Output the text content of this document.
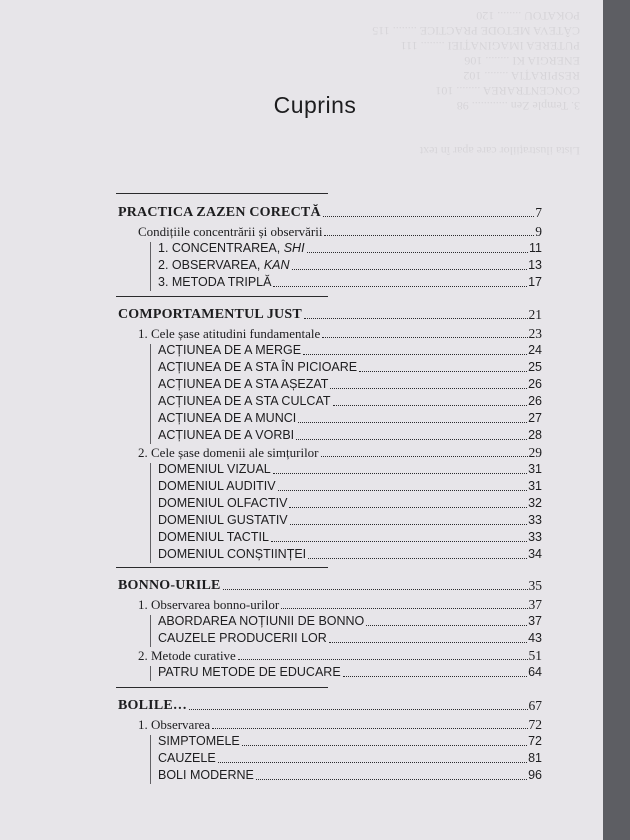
Lista ilustrațiilor care apar în text

3. Temple Zen ............ 98
CONCENTRAREA ........ 101
RESPIRAȚIA ........ 102
ENERGIA KI ........ 106
PUTEREA IMAGINAȚIEI ........ 111
CÂTEVA METODE PRACTICE ........ 115
POKATOU ........ 120
Cuprins
PRACTICA ZAZEN CORECTĂ	7
Condițiile concentrării și observării	9
1. CONCENTRAREA, SHI	11
2. OBSERVAREA, KAN	13
3. METODA TRIPLĂ	17
COMPORTAMENTUL JUST	21
1. Cele șase atitudini fundamentale	23
ACȚIUNEA DE A MERGE	24
ACȚIUNEA DE A STA ÎN PICIOARE	25
ACȚIUNEA DE A STA AȘEZAT	26
ACȚIUNEA DE A STA CULCAT	26
ACȚIUNEA DE A MUNCI	27
ACȚIUNEA DE A VORBI	28
2. Cele șase domenii ale simțurilor	29
DOMENIUL VIZUAL	31
DOMENIUL AUDITIV	31
DOMENIUL OLFACTIV	32
DOMENIUL GUSTATIV	33
DOMENIUL TACTIL	33
DOMENIUL CONȘTIINȚEI	34
BONNO-URILE	35
1. Observarea bonno-urilor	37
ABORDAREA NOȚIUNII DE BONNO	37
CAUZELE PRODUCERII LOR	43
2. Metode curative	51
PATRU METODE DE EDUCARE	64
BOLILE…	67
1. Observarea	72
SIMPTOMELE	72
CAUZELE	81
BOLI MODERNE	96
